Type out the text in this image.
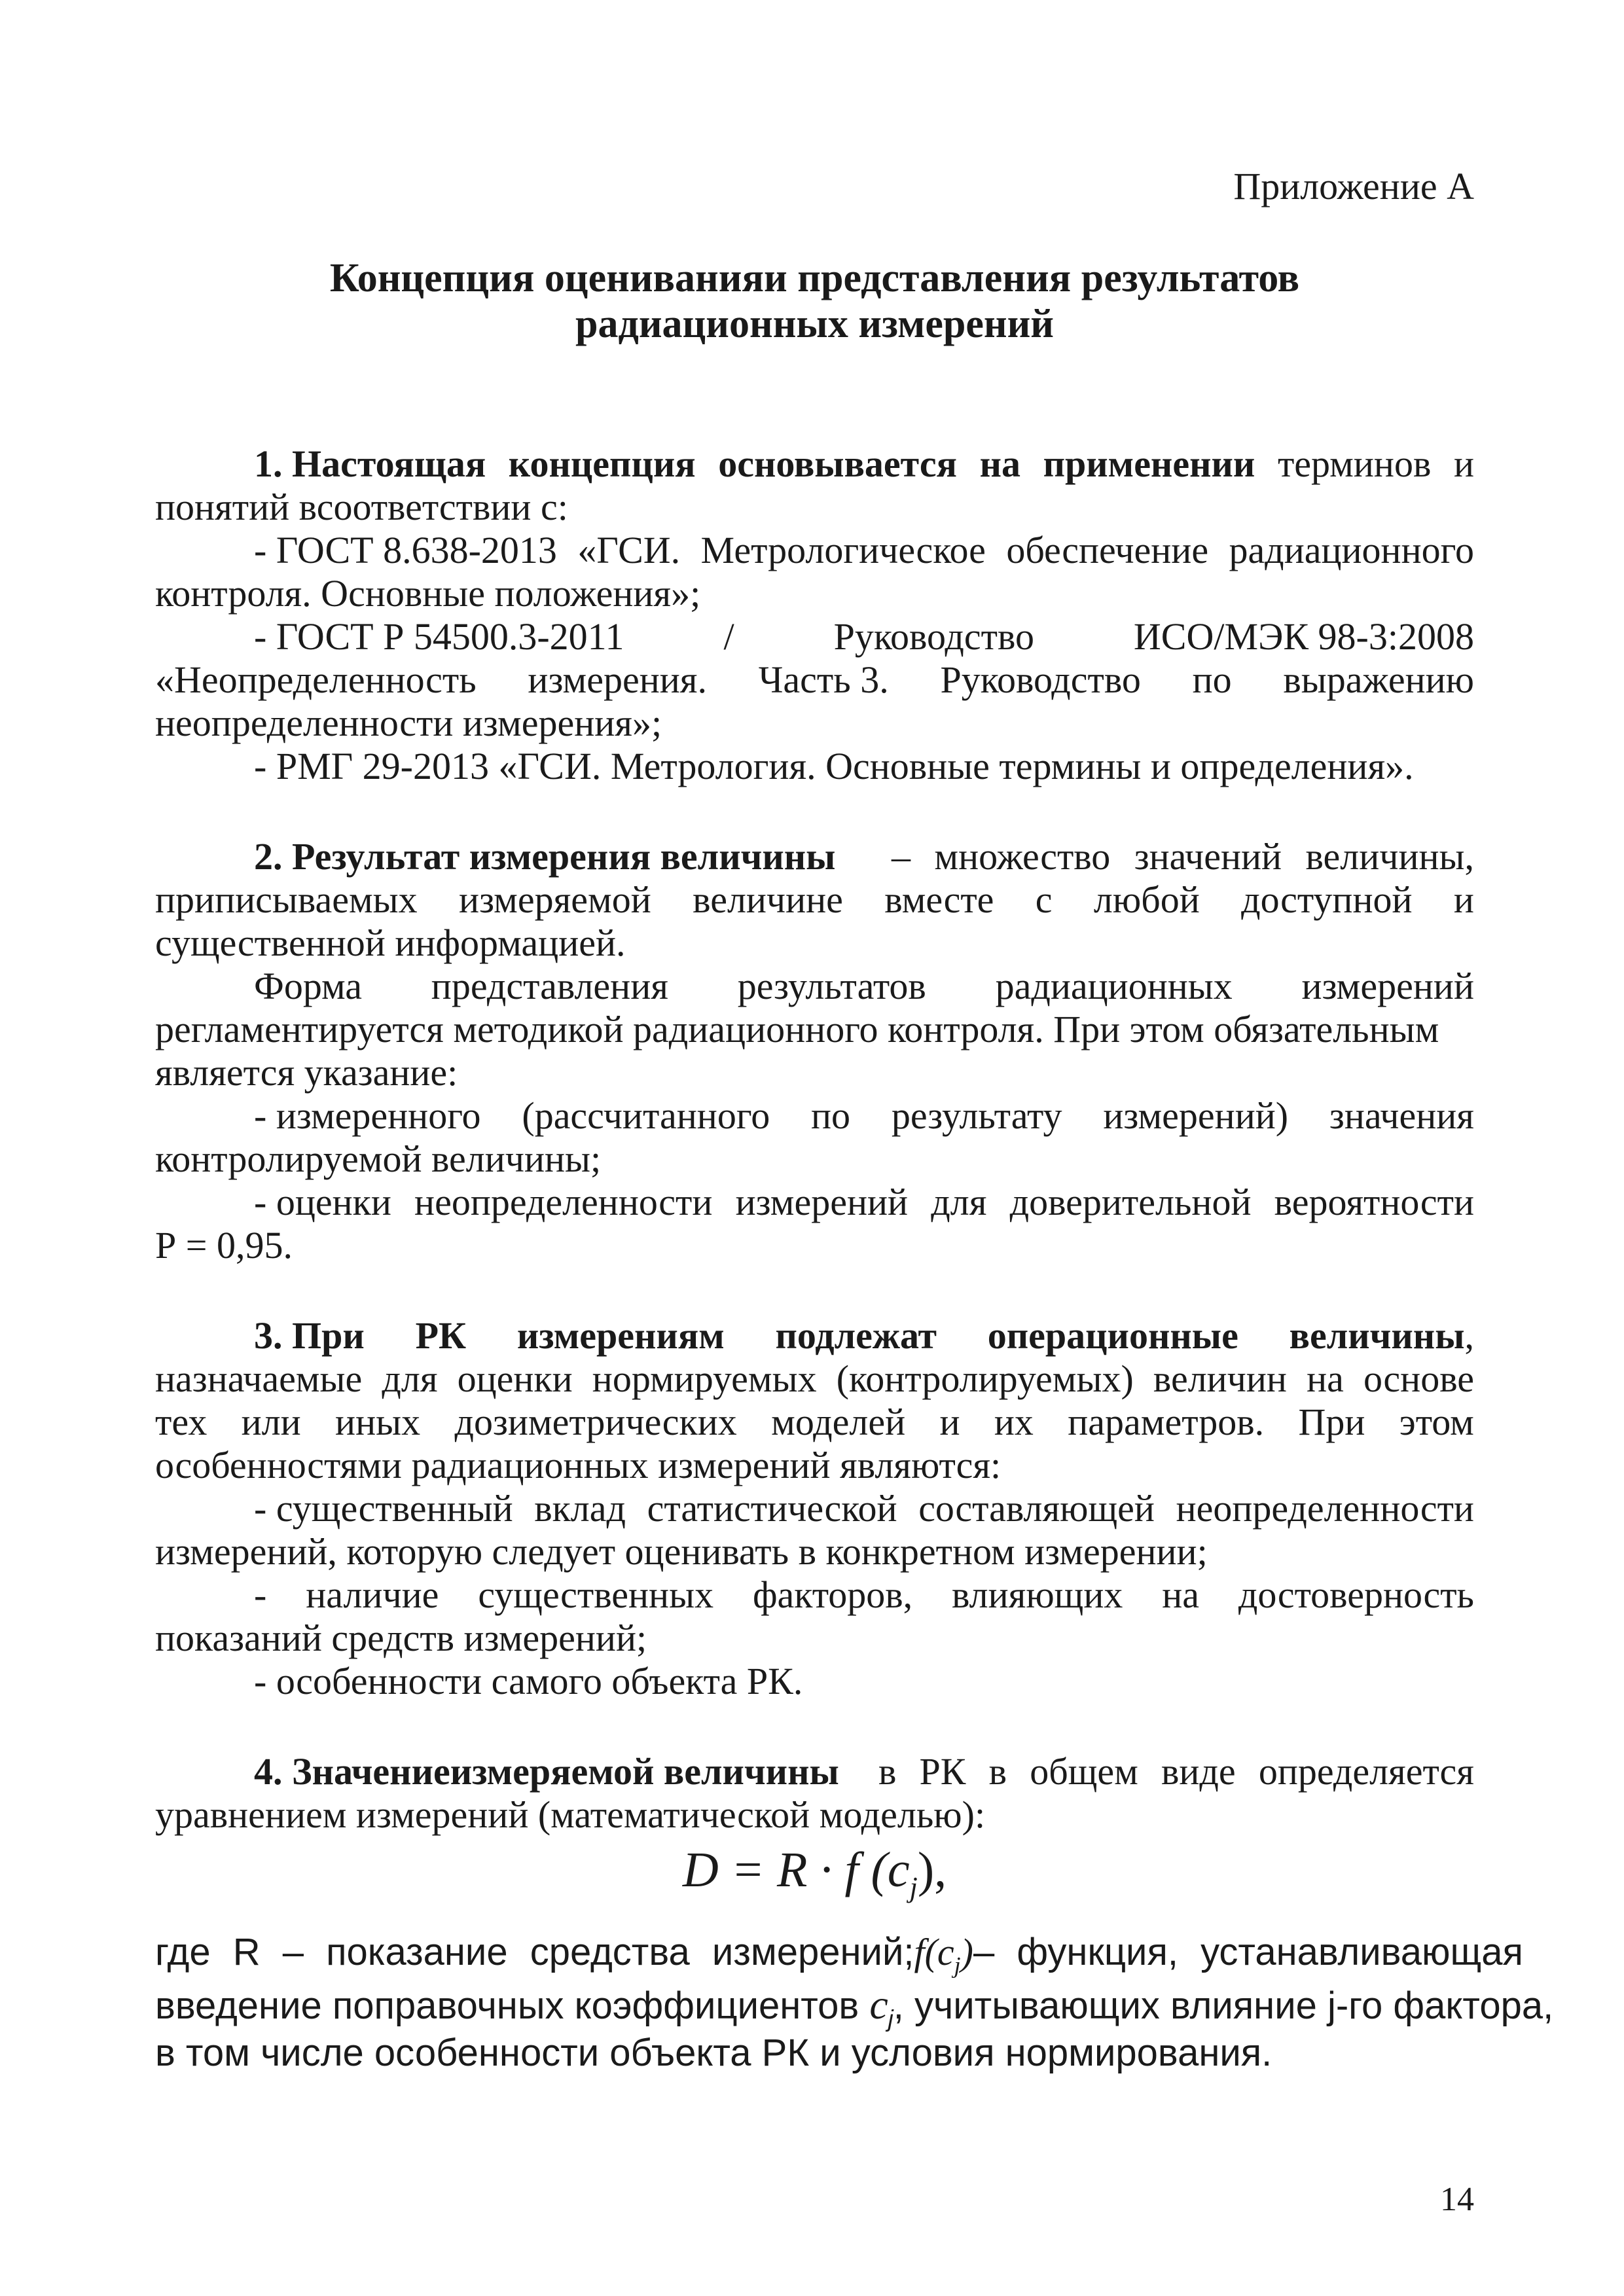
Приложение А
Концепция оцениванияи представления результатов
радиационных измерений
1. Настоящая концепция основывается на применении терминов и
понятий всоответствии с:
- ГОСТ 8.638-2013 «ГСИ. Метрологическое обеспечение радиационного
контроля. Основные положения»;
- ГОСТ Р 54500.3-2011	/	Руководство	ИСО/МЭК 98-3:2008
«Неопределенность измерения. Часть 3. Руководство по выражению
неопределенности измерения»;
- РМГ 29-2013 «ГСИ. Метрология. Основные термины и определения».
2. Результат измерения величины – множество значений величины,
приписываемых измеряемой величине вместе с любой доступной и
существенной информацией.
Форма представления результатов радиационных измерений
регламентируется методикой радиационного контроля. При этом обязательным
является указание:
- измеренного (рассчитанного по результату измерений) значения
контролируемой величины;
- оценки неопределенности измерений для доверительной вероятности
Р = 0,95.
3. При РК измерениям подлежат операционные величины,
назначаемые для оценки нормируемых (контролируемых) величин на основе
тех или иных дозиметрических моделей и их параметров. При этом
особенностями радиационных измерений являются:
- существенный вклад статистической составляющей неопределенности
измерений, которую следует оценивать в конкретном измерении;
- наличие существенных факторов, влияющих на достоверность
показаний средств измерений;
- особенности самого объекта РК.
4. Значениеизмеряемой величины в РК в общем виде определяется
уравнением измерений (математической моделью):
D = R · f $(c_j)$,
где R – показание средства измерений; $f(c_j)$ – функция, устанавливающая
введение поправочных коэффициентов $c_j$, учитывающих влияние j-го фактора,
в том числе особенности объекта РК и условия нормирования.
14
